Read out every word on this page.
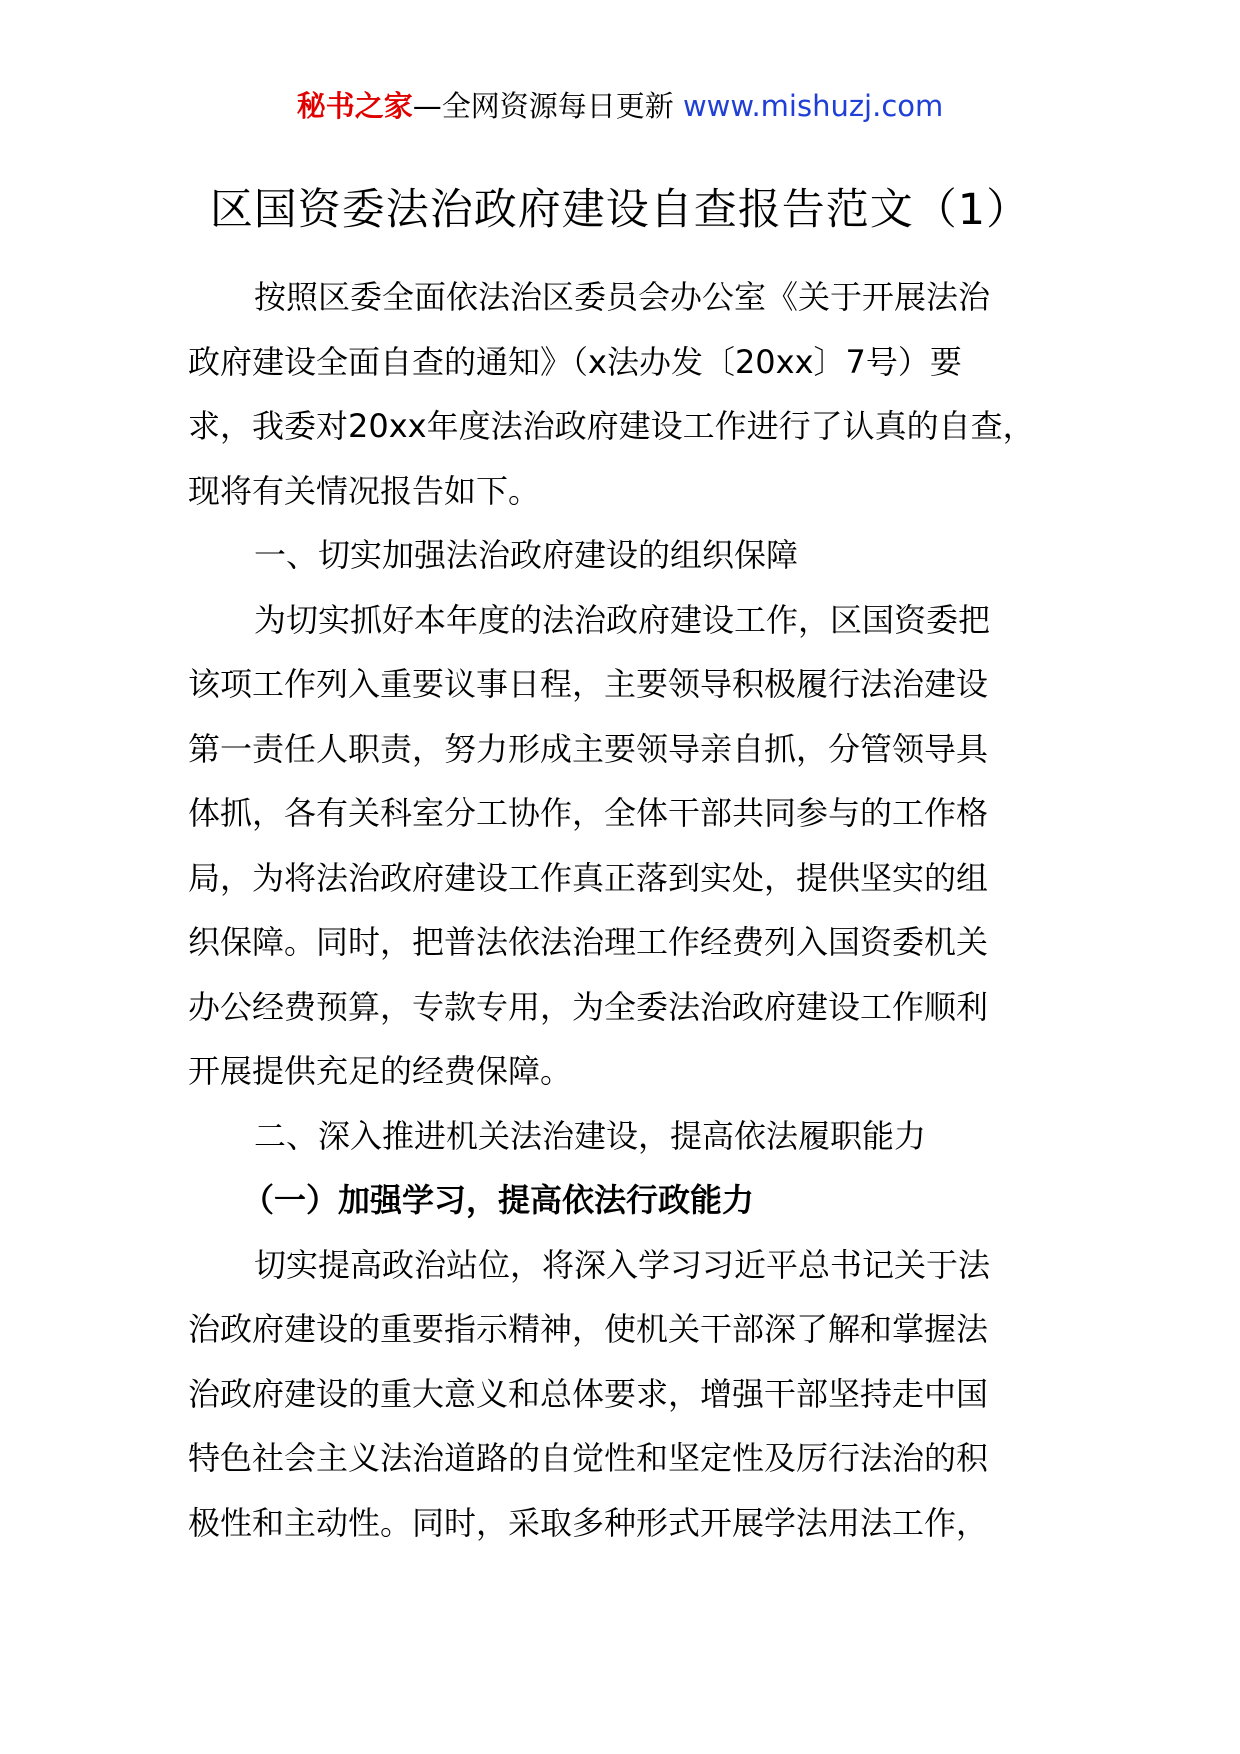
秘书之家—全网资源每日更新 www.mishuzj.com
区国资委法治政府建设自查报告范文（1）
按照区委全面依法治区委员会办公室《关于开展法治
政府建设全面自查的通知》（x法办发〔20xx〕7号）要
求，我委对20xx年度法治政府建设工作进行了认真的自查，
现将有关情况报告如下。
一、切实加强法治政府建设的组织保障
为切实抓好本年度的法治政府建设工作，区国资委把
该项工作列入重要议事日程，主要领导积极履行法治建设
第一责任人职责，努力形成主要领导亲自抓，分管领导具
体抓，各有关科室分工协作，全体干部共同参与的工作格
局，为将法治政府建设工作真正落到实处，提供坚实的组
织保障。同时，把普法依法治理工作经费列入国资委机关
办公经费预算，专款专用，为全委法治政府建设工作顺利
开展提供充足的经费保障。
二、深入推进机关法治建设，提高依法履职能力
（一）加强学习，提高依法行政能力
切实提高政治站位，将深入学习习近平总书记关于法
治政府建设的重要指示精神，使机关干部深了解和掌握法
治政府建设的重大意义和总体要求，增强干部坚持走中国
特色社会主义法治道路的自觉性和坚定性及厉行法治的积
极性和主动性。同时，采取多种形式开展学法用法工作，
